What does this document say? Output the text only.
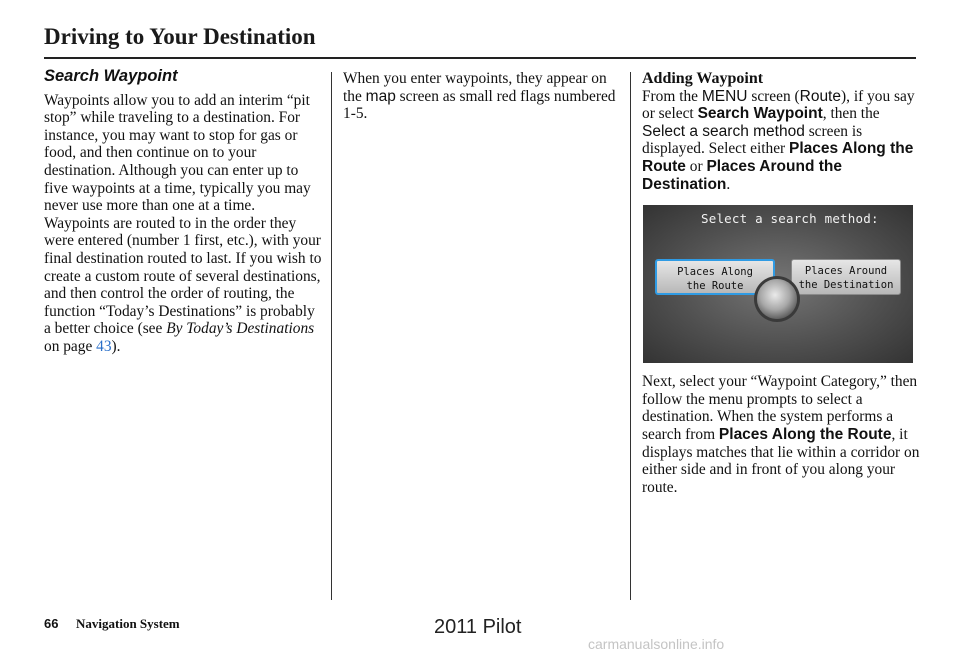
Driving to Your Destination
Search Waypoint

Waypoints allow you to add an interim “pit stop” while traveling to a destination. For instance, you may want to stop for gas or food, and then continue on to your destination. Although you can enter up to five waypoints at a time, typically you may never use more than one at a time. Waypoints are routed to in the order they were entered (number 1 first, etc.), with your final destination routed to last. If you wish to create a custom route of several destinations, and then control the order of routing, the function “Today’s Destinations” is probably a better choice (see By Today’s Destinations on page 43).

When you enter waypoints, they appear on the map screen as small red flags numbered 1-5.

Adding Waypoint

From the MENU screen (Route), if you say or select Search Waypoint, then the Select a search method screen is displayed. Select either Places Along the Route or Places Around the Destination.

Select a search method:
Places Along
the Route
Places Around
the Destination

Next, select your “Waypoint Category,” then follow the menu prompts to select a destination. When the system performs a search from Places Along the Route, it displays matches that lie within a corridor on either side and in front of you along your route.

66 Navigation System	2011 Pilot
carmanualsonline.info
